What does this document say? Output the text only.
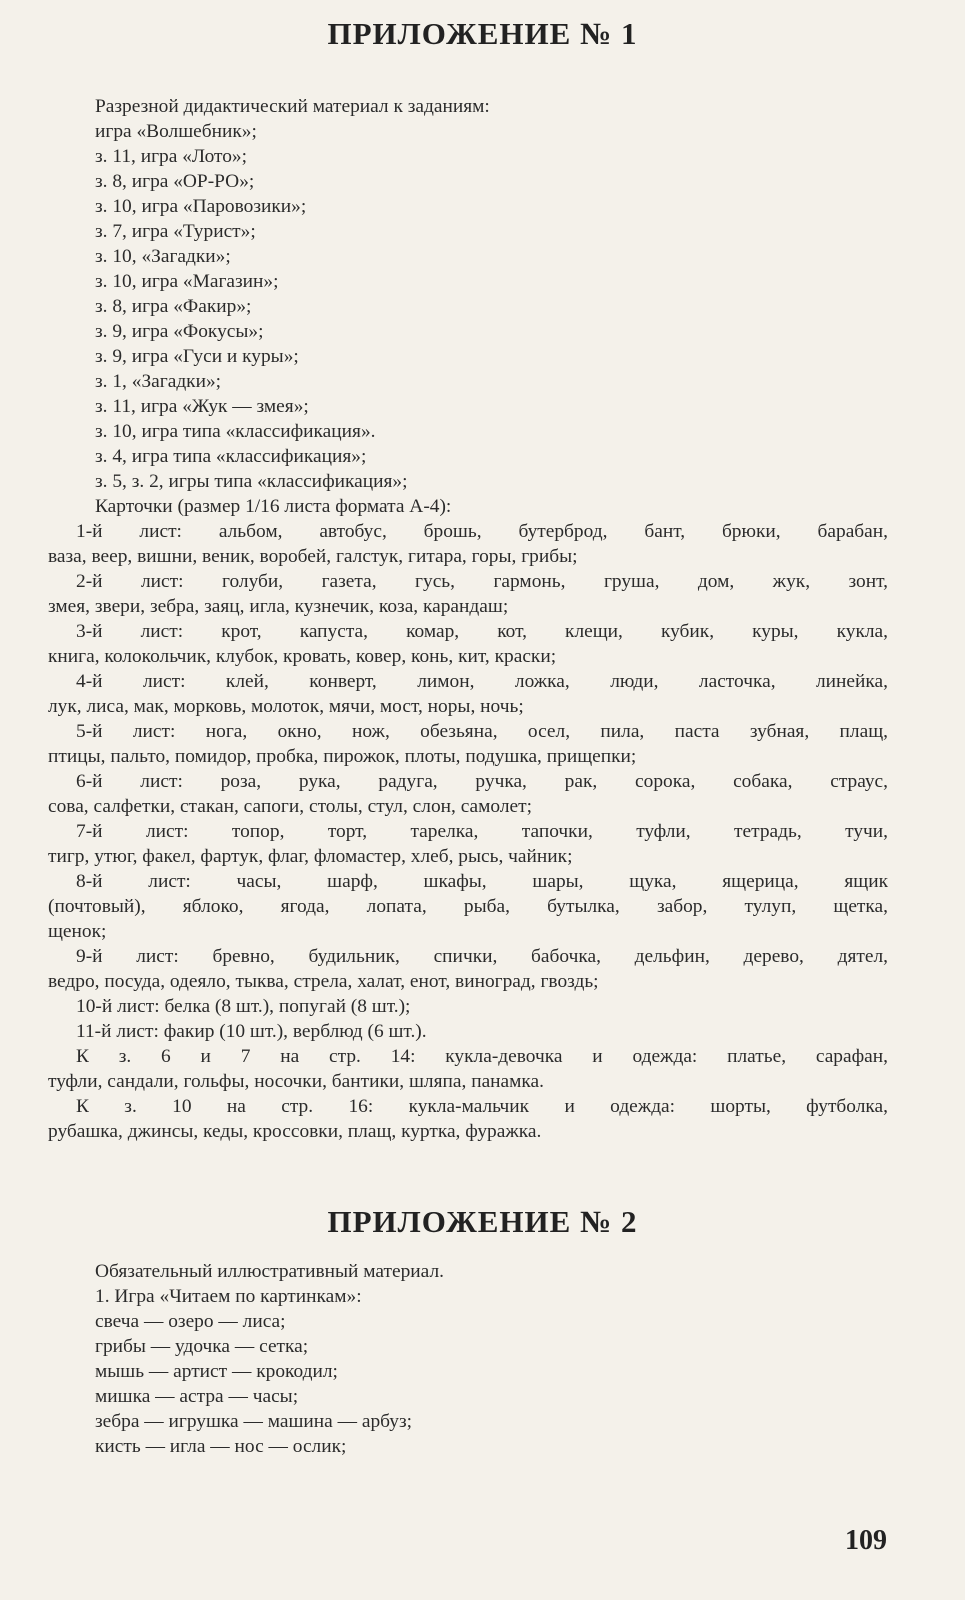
ПРИЛОЖЕНИЕ № 1
Разрезной дидактический материал к заданиям:
игра «Волшебник»;
з. 11, игра «Лото»;
з. 8, игра «ОР-РО»;
з. 10, игра «Паровозики»;
з. 7, игра «Турист»;
з. 10, «Загадки»;
з. 10, игра «Магазин»;
з. 8, игра «Факир»;
з. 9, игра «Фокусы»;
з. 9, игра «Гуси и куры»;
з. 1, «Загадки»;
з. 11, игра «Жук — змея»;
з. 10, игра типа «классификация».
з. 4, игра типа «классификация»;
з. 5, з. 2, игры типа «классификация»;
Карточки (размер 1/16 листа формата А-4):
1-й лист: альбом, автобус, брошь, бутерброд, бант, брюки, барабан,
ваза, веер, вишни, веник, воробей, галстук, гитара, горы, грибы;
2-й лист: голуби, газета, гусь, гармонь, груша, дом, жук, зонт,
змея, звери, зебра, заяц, игла, кузнечик, коза, карандаш;
3-й лист: крот, капуста, комар, кот, клещи, кубик, куры, кукла,
книга, колокольчик, клубок, кровать, ковер, конь, кит, краски;
4-й лист: клей, конверт, лимон, ложка, люди, ласточка, линейка,
лук, лиса, мак, морковь, молоток, мячи, мост, норы, ночь;
5-й лист: нога, окно, нож, обезьяна, осел, пила, паста зубная, плащ,
птицы, пальто, помидор, пробка, пирожок, плоты, подушка, прищепки;
6-й лист: роза, рука, радуга, ручка, рак, сорока, собака, страус,
сова, салфетки, стакан, сапоги, столы, стул, слон, самолет;
7-й лист: топор, торт, тарелка, тапочки, туфли, тетрадь, тучи,
тигр, утюг, факел, фартук, флаг, фломастер, хлеб, рысь, чайник;
8-й лист: часы, шарф, шкафы, шары, щука, ящерица, ящик
(почтовый), яблоко, ягода, лопата, рыба, бутылка, забор, тулуп, щетка,
щенок;
9-й лист: бревно, будильник, спички, бабочка, дельфин, дерево, дятел,
ведро, посуда, одеяло, тыква, стрела, халат, енот, виноград, гвоздь;
10-й лист: белка (8 шт.), попугай (8 шт.);
11-й лист: факир (10 шт.), верблюд (6 шт.).
К з. 6 и 7 на стр. 14: кукла-девочка и одежда: платье, сарафан,
туфли, сандали, гольфы, носочки, бантики, шляпа, панамка.
К з. 10 на стр. 16: кукла-мальчик и одежда: шорты, футболка,
рубашка, джинсы, кеды, кроссовки, плащ, куртка, фуражка.
ПРИЛОЖЕНИЕ № 2
Обязательный иллюстративный материал.
1. Игра «Читаем по картинкам»:
свеча — озеро — лиса;
грибы — удочка — сетка;
мышь — артист — крокодил;
мишка — астра — часы;
зебра — игрушка — машина — арбуз;
кисть — игла — нос — ослик;
109
